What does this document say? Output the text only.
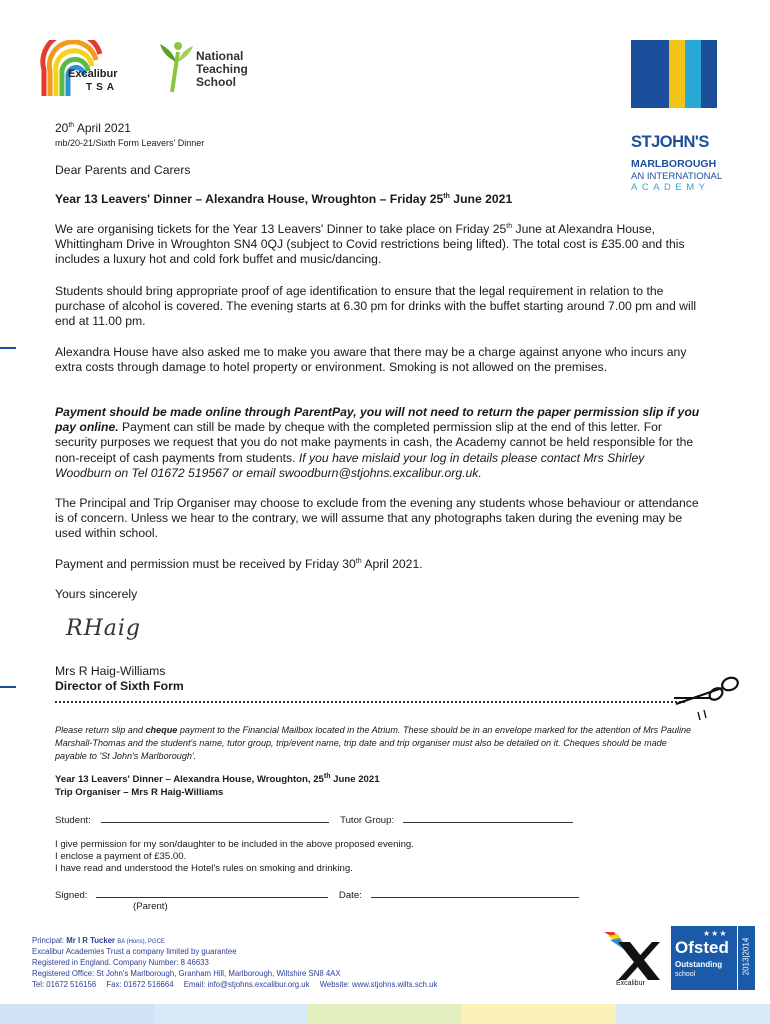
Excalibur
TSA
National
Teaching
School
STJOHN'S
MARLBOROUGH
AN INTERNATIONAL
ACADEMY
20th April 2021
mb/20-21/Sixth Form Leavers' Dinner
Dear Parents and Carers
Year 13 Leavers' Dinner – Alexandra House, Wroughton – Friday 25th June 2021
We are organising tickets for the Year 13 Leavers' Dinner to take place on Friday 25th June at Alexandra House, Whittingham Drive in Wroughton SN4 0QJ (subject to Covid restrictions being lifted). The total cost is £35.00 and this includes a luxury hot and cold fork buffet and music/dancing.
Students should bring appropriate proof of age identification to ensure that the legal requirement in relation to the purchase of alcohol is covered. The evening starts at 6.30 pm for drinks with the buffet starting around 7.00 pm and will end at 11.00 pm.
Alexandra House have also asked me to make you aware that there may be a charge against anyone who incurs any extra costs through damage to hotel property or environment. Smoking is not allowed on the premises.
Payment should be made online through ParentPay, you will not need to return the paper permission slip if you pay online. Payment can still be made by cheque with the completed permission slip at the end of this letter. For security purposes we request that you do not make payments in cash, the Academy cannot be held responsible for the non-receipt of cash payments from students. If you have mislaid your log in details please contact Mrs Shirley Woodburn on Tel 01672 519567 or email swoodburn@stjohns.excalibur.org.uk.
The Principal and Trip Organiser may choose to exclude from the evening any students whose behaviour or attendance is of concern. Unless we hear to the contrary, we will assume that any photographs taken during the evening may be used within school.
Payment and permission must be received by Friday 30th April 2021.
Yours sincerely
RHaig
Mrs R Haig-Williams
Director of Sixth Form
Please return slip and cheque payment to the Financial Mailbox located in the Atrium. These should be in an envelope marked for the attention of Mrs Pauline Marshall-Thomas and the student's name, tutor group, trip/event name, trip date and trip organiser must also be detailed on it. Cheques should be made payable to 'St John's Marlborough'.
Year 13 Leavers' Dinner – Alexandra House, Wroughton, 25th June 2021
Trip Organiser – Mrs R Haig-Williams
Student:	Tutor Group:
I give permission for my son/daughter to be included in the above proposed evening.
I enclose a payment of £35.00.
I have read and understood the Hotel's rules on smoking and drinking.
Signed:	Date:
(Parent)
Principal: Mr I R Tucker BA (Hons), PGCE
Excalibur Academies Trust a company limited by guarantee
Registered in England. Company Number: 8 46633
Registered Office: St John's Marlborough, Granham Hill, Marlborough, Wiltshire SN8 4AX
Tel: 01672 516156 Fax: 01672 516664 Email: info@stjohns.excalibur.org.uk Website: www.stjohns.wilts.sch.uk	Excalibur
★★★
Ofsted
Outstanding
school	2013|2014
